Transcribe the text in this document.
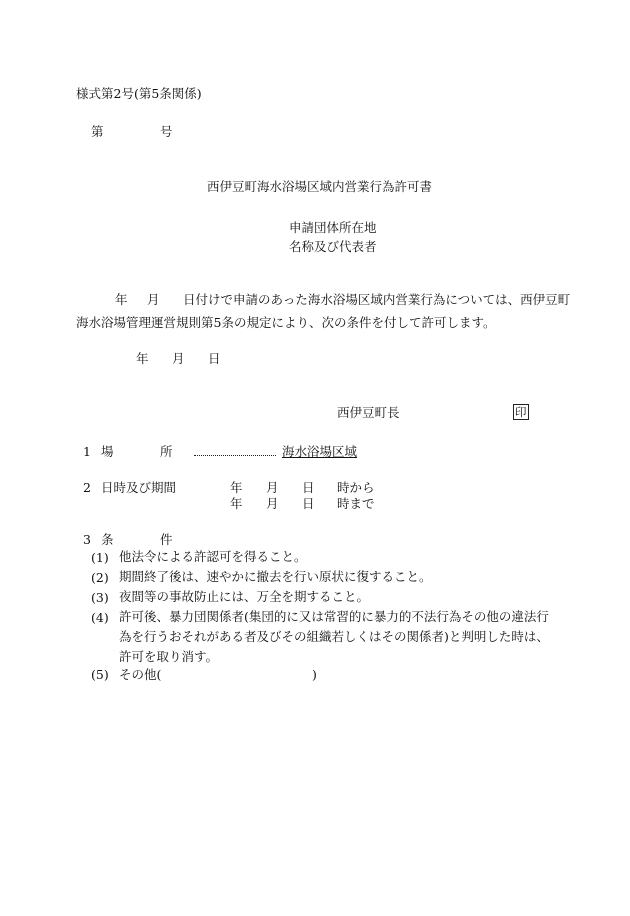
様式第2号(第5条関係)
第	号
西伊豆町海水浴場区域内営業行為許可書
申請団体所在地
名称及び代表者
年 月 日付けで申請のあった海水浴場区域内営業行為については、西伊豆町
海水浴場管理運営規則第5条の規定により、次の条件を付して許可します。
年 月 日
西伊豆町長	印
1 場	所	海水浴場区域
2 日時及び期間	年 月 日 時から
年 月 日 時まで
3 条	件
(1) 他法令による許認可を得ること。
(2) 期間終了後は、速やかに撤去を行い原状に復すること。
(3) 夜間等の事故防止には、万全を期すること。
(4) 許可後、暴力団関係者(集団的に又は常習的に暴力的不法行為その他の違法行為を行うおそれがある者及びその組織若しくはその関係者)と判明した時は、許可を取り消す。
(5) その他(	)
